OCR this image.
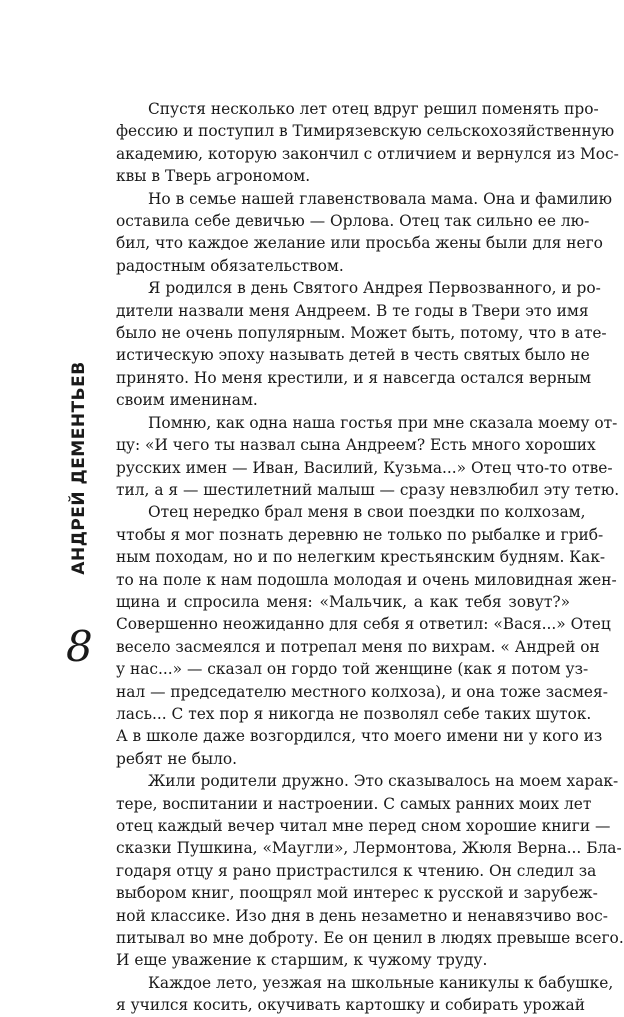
АНДРЕЙ ДЕМЕНТЬЕВ
8
Спустя несколько лет отец вдруг решил поменять про-
фессию и поступил в Тимирязевскую сельскохозяйственную
академию, которую закончил с отличием и вернулся из Мос-
квы в Тверь агрономом.
Но в семье нашей главенствовала мама. Она и фамилию
оставила себе девичью — Орлова. Отец так сильно ее лю-
бил, что каждое желание или просьба жены были для него
радостным обязательством.
Я родился в день Святого Андрея Первозванного, и ро-
дители назвали меня Андреем. В те годы в Твери это имя
было не очень популярным. Может быть, потому, что в ате-
истическую эпоху называть детей в честь святых было не
принято. Но меня крестили, и я навсегда остался верным
своим именинам.
Помню, как одна наша гостья при мне сказала моему от-
цу: «И чего ты назвал сына Андреем? Есть много хороших
русских имен — Иван, Василий, Кузьма...» Отец что-то отве-
тил, а я — шестилетний малыш — сразу невзлюбил эту тетю.
Отец нередко брал меня в свои поездки по колхозам,
чтобы я мог познать деревню не только по рыбалке и гриб-
ным походам, но и по нелегким крестьянским будням. Как-
то на поле к нам подошла молодая и очень миловидная жен-
щина и спросила меня: «Мальчик, а как тебя зовут?»
Совершенно неожиданно для себя я ответил: «Вася...» Отец
весело засмеялся и потрепал меня по вихрам. « Андрей он
у нас...» — сказал он гордо той женщине (как я потом уз-
нал — председателю местного колхоза), и она тоже засмея-
лась... С тех пор я никогда не позволял себе таких шуток.
А в школе даже возгордился, что моего имени ни у кого из
ребят не было.
Жили родители дружно. Это сказывалось на моем харак-
тере, воспитании и настроении. С самых ранних моих лет
отец каждый вечер читал мне перед сном хорошие книги —
сказки Пушкина, «Маугли», Лермонтова, Жюля Верна... Бла-
годаря отцу я рано пристрастился к чтению. Он следил за
выбором книг, поощрял мой интерес к русской и зарубеж-
ной классике. Изо дня в день незаметно и ненавязчиво вос-
питывал во мне доброту. Ее он ценил в людях превыше всего.
И еще уважение к старшим, к чужому труду.
Каждое лето, уезжая на школьные каникулы к бабушке,
я учился косить, окучивать картошку и собирать урожай
